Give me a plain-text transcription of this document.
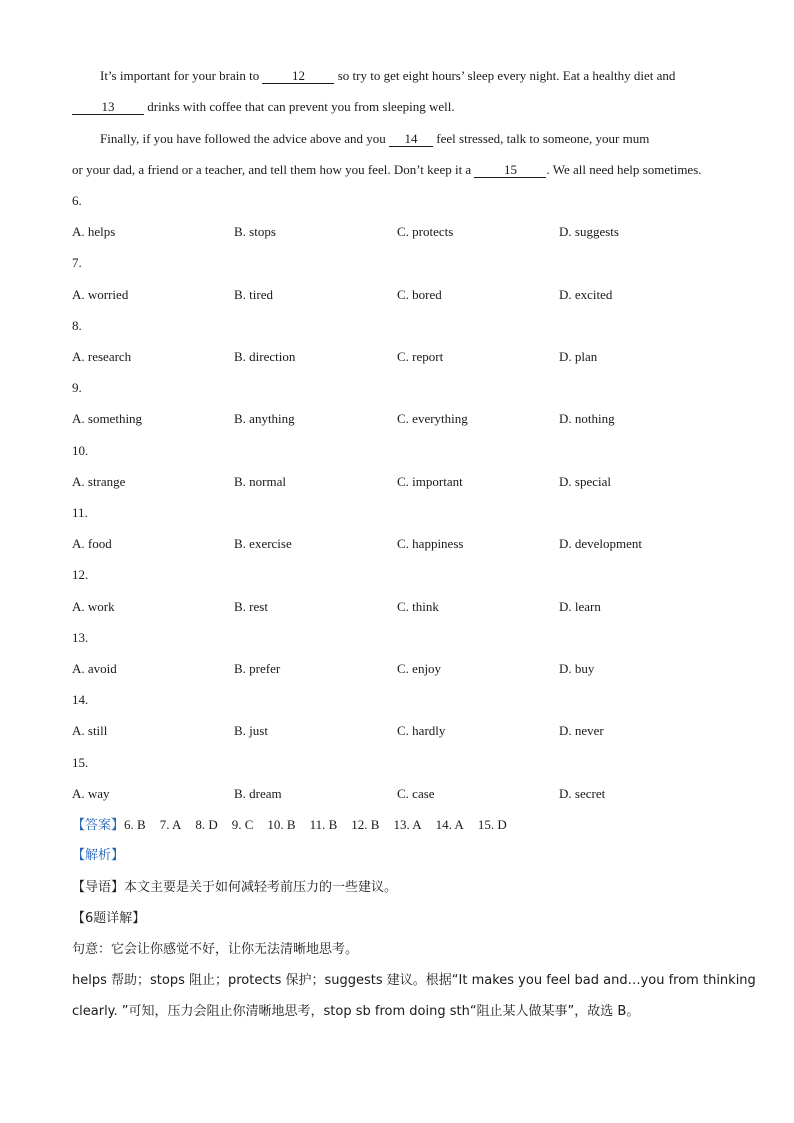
It’s important for your brain to 12 so try to get eight hours’ sleep every night. Eat a healthy diet and
13 drinks with coffee that can prevent you from sleeping well.
Finally, if you have followed the advice above and you 14 feel stressed, talk to someone, your mum
or your dad, a friend or a teacher, and tell them how you feel. Don’t keep it a 15 . We all need help sometimes.
6.
A. helps	B. stops	C. protects	D. suggests
7.
A. worried	B. tired	C. bored	D. excited
8.
A. research	B. direction	C. report	D. plan
9.
A. something	B. anything	C. everything	D. nothing
10.
A. strange	B. normal	C. important	D. special
11.
A. food	B. exercise	C. happiness	D. development
12.
A. work	B. rest	C. think	D. learn
13.
A. avoid	B. prefer	C. enjoy	D. buy
14.
A. still	B. just	C. hardly	D. never
15.
A. way	B. dream	C. case	D. secret
【答案】6. B 7. A 8. D 9. C 10. B 11. B 12. B 13. A 14. A 15. D
【解析】
【导语】本文主要是关于如何减轻考前压力的一些建议。
【6题详解】
句意：它会让你感觉不好，让你无法清晰地思考。
helps 帮助；stops 阻止；protects 保护；suggests 建议。根据“It makes you feel bad and…you from thinking
clearly. ”可知，压力会阻止你清晰地思考，stop sb from doing sth“阻止某人做某事”，故选 B。
